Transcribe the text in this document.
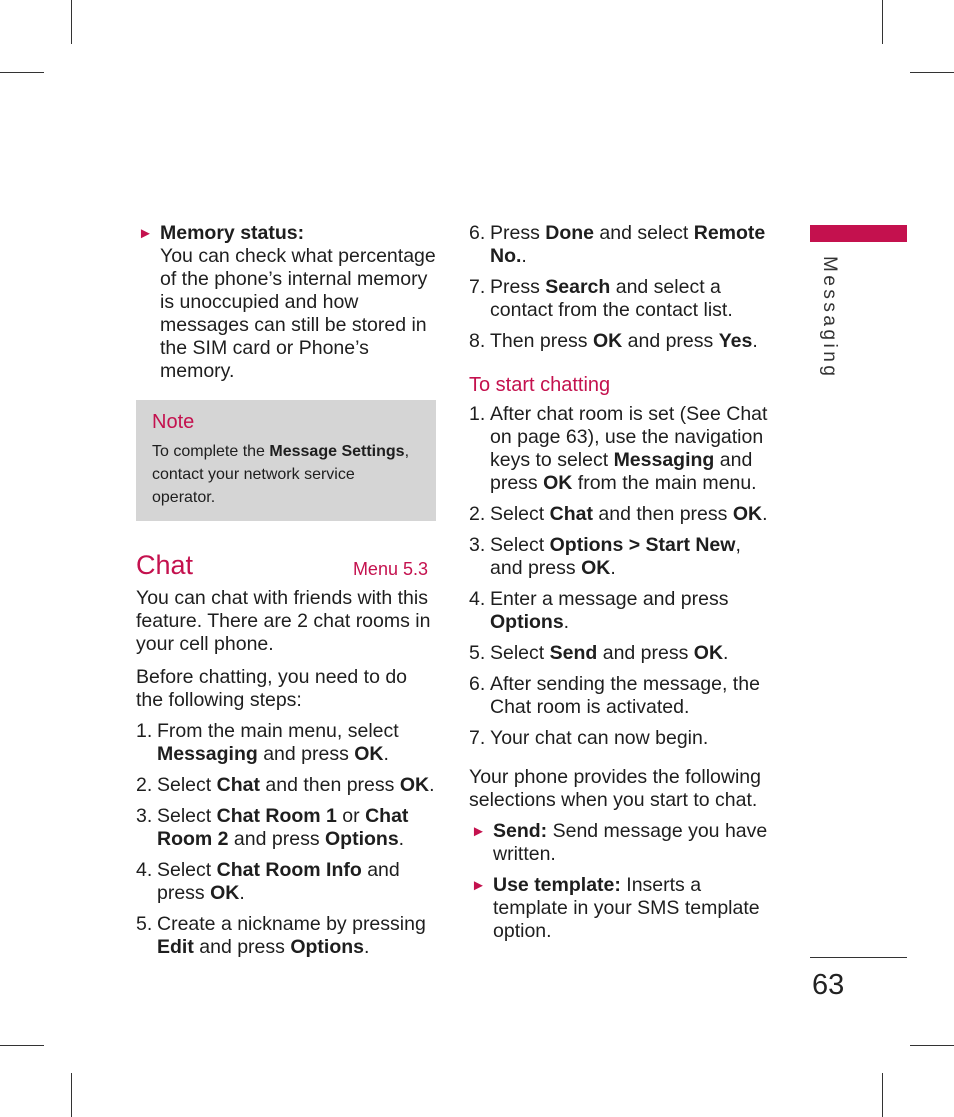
► Memory status:
You can check what percentage of the phone’s internal memory is unoccupied and how messages can still be stored in the SIM card or Phone’s memory.
Note
To complete the Message Settings, contact your network service operator.
Chat	Menu 5.3

You can chat with friends with this feature. There are 2 chat rooms in your cell phone.

Before chatting, you need to do the following steps:

1. From the main menu, select Messaging and press OK.
2. Select Chat and then press OK.
3. Select Chat Room 1 or Chat Room 2 and press Options.
4. Select Chat Room Info and press OK.
5. Create a nickname by pressing Edit and press Options.
6. Press Done and select Remote No..
7. Press Search and select a contact from the contact list.
8. Then press OK and press Yes.
To start chatting
1. After chat room is set (See Chat on page 63), use the navigation keys to select Messaging and press OK from the main menu.
2. Select Chat and then press OK.
3. Select Options > Start New, and press OK.
4. Enter a message and press Options.
5. Select Send and press OK.
6. After sending the message, the Chat room is activated.
7. Your chat can now begin.

Your phone provides the following selections when you start to chat.

► Send: Send message you have written.
► Use template: Inserts a template in your SMS template option.
Messaging
63
